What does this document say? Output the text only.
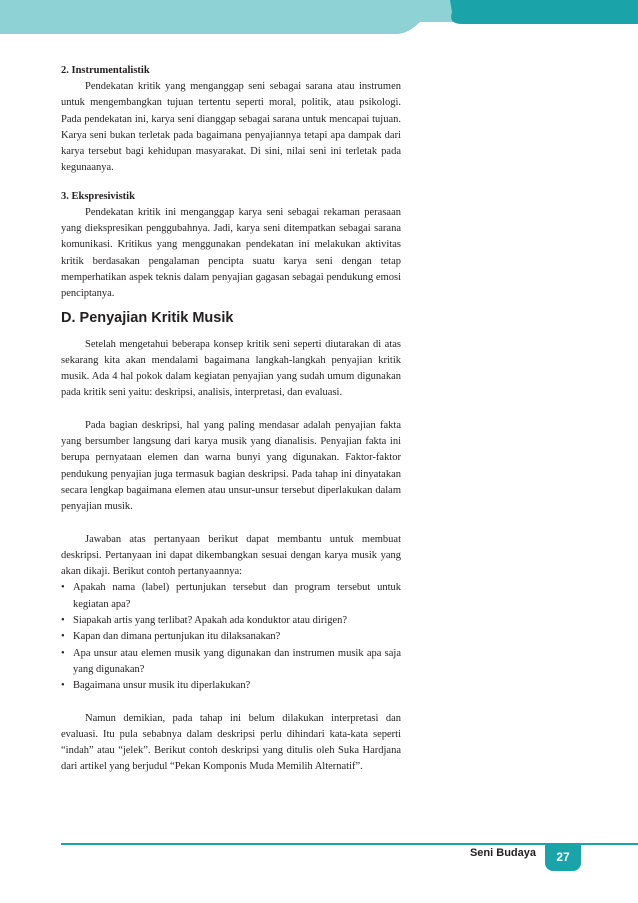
2. Instrumentalistik

Pendekatan kritik yang menganggap seni sebagai sarana atau instrumen untuk mengembangkan tujuan tertentu seperti moral, politik, atau psikologi. Pada pendekatan ini, karya seni dianggap sebagai sarana untuk mencapai tujuan. Karya seni bukan terletak pada bagaimana penyajiannya tetapi apa dampak dari karya tersebut bagi kehidupan masyarakat. Di sini, nilai seni ini terletak pada kegunaanya.

3. Ekspresivistik

Pendekatan kritik ini menganggap karya seni sebagai rekaman perasaan yang diekspresikan penggubahnya. Jadi, karya seni ditempatkan sebagai sarana komunikasi. Kritikus yang menggunakan pendekatan ini melakukan aktivitas kritik berdasakan pengalaman pencipta suatu karya seni dengan tetap memperhatikan aspek teknis dalam penyajian gagasan sebagai pendukung emosi penciptanya.

D. Penyajian Kritik Musik

Setelah mengetahui beberapa konsep kritik seni seperti diutarakan di atas sekarang kita akan mendalami bagaimana langkah-langkah penyajian kritik musik. Ada 4 hal pokok dalam kegiatan penyajian yang sudah umum digunakan pada kritik seni yaitu: deskripsi, analisis, interpretasi, dan evaluasi.

Pada bagian deskripsi, hal yang paling mendasar adalah penyajian fakta yang bersumber langsung dari karya musik yang dianalisis. Penyajian fakta ini berupa pernyataan elemen dan warna bunyi yang digunakan. Faktor-faktor pendukung penyajian juga termasuk bagian deskripsi. Pada tahap ini dinyatakan secara lengkap bagaimana elemen atau unsur-unsur tersebut diperlakukan dalam penyajian musik.

Jawaban atas pertanyaan berikut dapat membantu untuk membuat deskripsi. Pertanyaan ini dapat dikembangkan sesuai dengan karya musik yang akan dikaji. Berikut contoh pertanyaannya:

• Apakah nama (label) pertunjukan tersebut dan program tersebut untuk kegiatan apa?
• Siapakah artis yang terlibat? Apakah ada konduktor atau dirigen?
• Kapan dan dimana pertunjukan itu dilaksanakan?
• Apa unsur atau elemen musik yang digunakan dan instrumen musik apa saja yang digunakan?
• Bagaimana unsur musik itu diperlakukan?

Namun demikian, pada tahap ini belum dilakukan interpretasi dan evaluasi. Itu pula sebabnya dalam deskripsi perlu dihindari kata-kata seperti “indah” atau “jelek”. Berikut contoh deskripsi yang ditulis oleh Suka Hardjana dari artikel yang berjudul “Pekan Komponis Muda Memilih Alternatif”.

Seni Budaya 27
